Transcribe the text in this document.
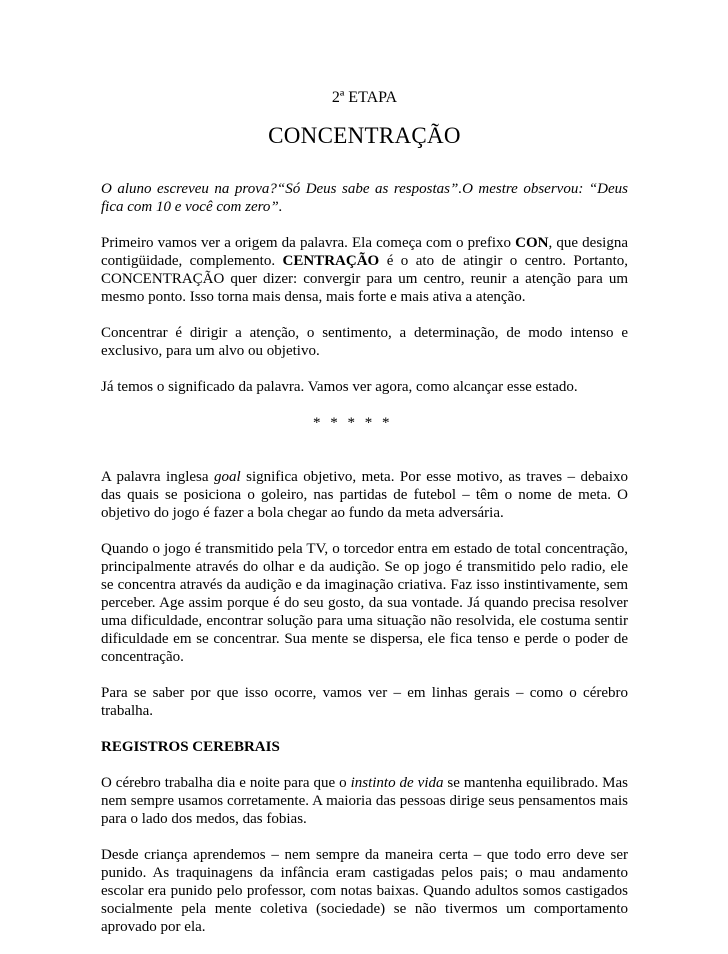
2ª ETAPA
CONCENTRAÇÃO

O aluno escreveu na prova?“Só Deus sabe as respostas”.O mestre observou: “Deus fica com 10 e você com zero”.

Primeiro vamos ver a origem da palavra. Ela começa com o prefixo CON, que designa contigüidade, complemento. CENTRAÇÃO é o ato de atingir o centro. Portanto, CONCENTRAÇÃO quer dizer: convergir para um centro, reunir a atenção para um mesmo ponto. Isso torna mais densa, mais forte e mais ativa a atenção.

Concentrar é dirigir a atenção, o sentimento, a determinação, de modo intenso e exclusivo, para um alvo ou objetivo.

Já temos o significado da palavra. Vamos ver agora, como alcançar esse estado.

* * * * *

A palavra inglesa goal significa objetivo, meta. Por esse motivo, as traves – debaixo das quais se posiciona o goleiro, nas partidas de futebol – têm o nome de meta. O objetivo do jogo é fazer a bola chegar ao fundo da meta adversária.

Quando o jogo é transmitido pela TV, o torcedor entra em estado de total concentração, principalmente através do olhar e da audição. Se op jogo é transmitido pelo radio, ele se concentra através da audição e da imaginação criativa. Faz isso instintivamente, sem perceber. Age assim porque é do seu gosto, da sua vontade. Já quando precisa resolver uma dificuldade, encontrar solução para uma situação não resolvida, ele costuma sentir dificuldade em se concentrar. Sua mente se dispersa, ele fica tenso e perde o poder de concentração.

Para se saber por que isso ocorre, vamos ver – em linhas gerais – como o cérebro trabalha.

REGISTROS CEREBRAIS

O cérebro trabalha dia e noite para que o instinto de vida se mantenha equilibrado. Mas nem sempre usamos corretamente. A maioria das pessoas dirige seus pensamentos mais para o lado dos medos, das fobias.

Desde criança aprendemos – nem sempre da maneira certa – que todo erro deve ser punido. As traquinagens da infância eram castigadas pelos pais; o mau andamento escolar era punido pelo professor, com notas baixas. Quando adultos somos castigados socialmente pela mente coletiva (sociedade) se não tivermos um comportamento aprovado por ela.
